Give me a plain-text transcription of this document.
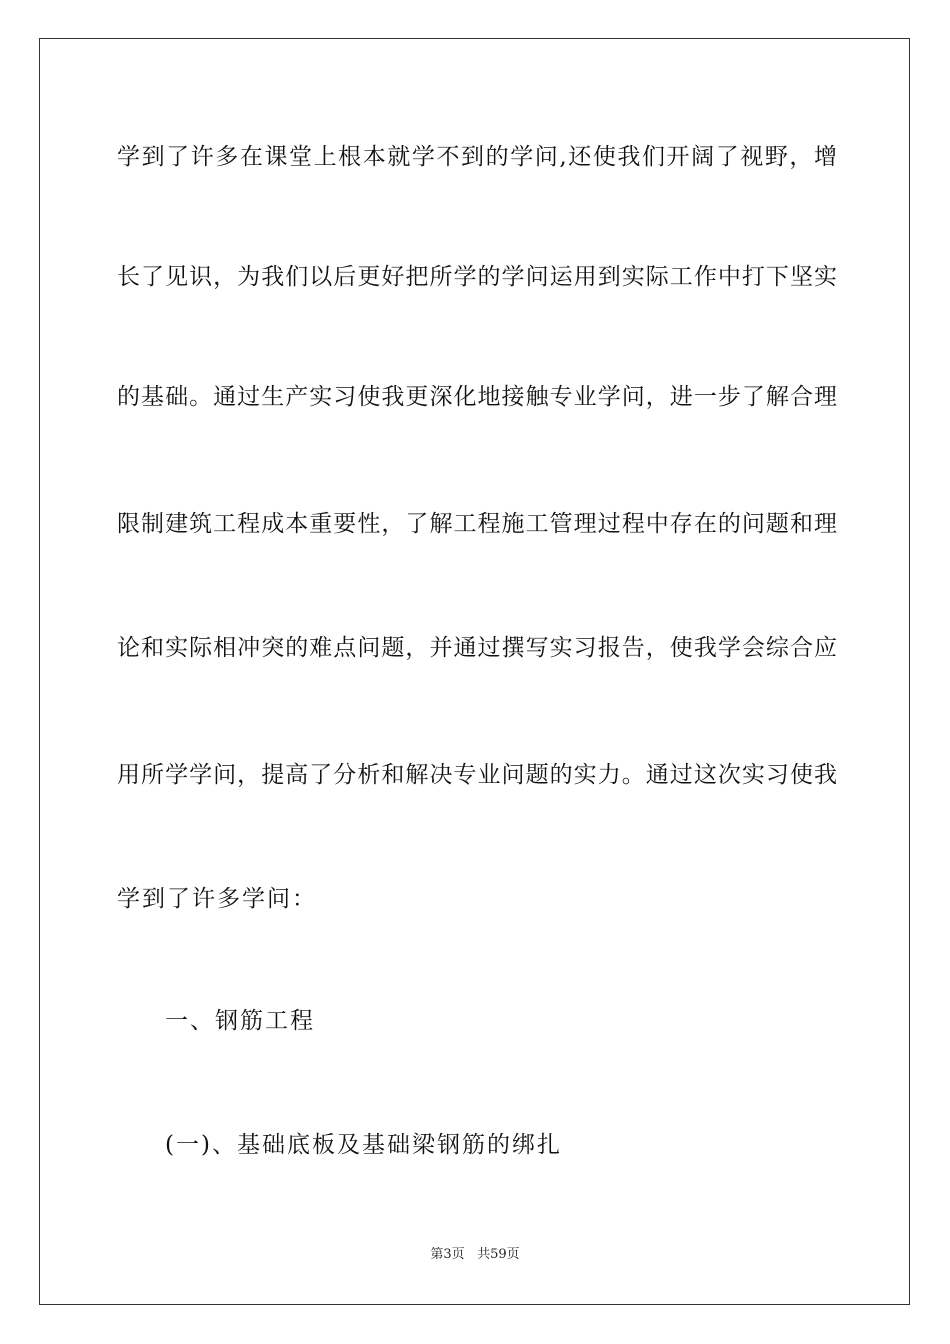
学到了许多在课堂上根本就学不到的学问,还使我们开阔了视野，增
长了见识，为我们以后更好把所学的学问运用到实际工作中打下坚实
的基础。通过生产实习使我更深化地接触专业学问，进一步了解合理
限制建筑工程成本重要性，了解工程施工管理过程中存在的问题和理
论和实际相冲突的难点问题，并通过撰写实习报告，使我学会综合应
用所学学问，提高了分析和解决专业问题的实力。通过这次实习使我
学到了许多学问：
一、钢筋工程
(一)、基础底板及基础梁钢筋的绑扎
第3页 共59页
